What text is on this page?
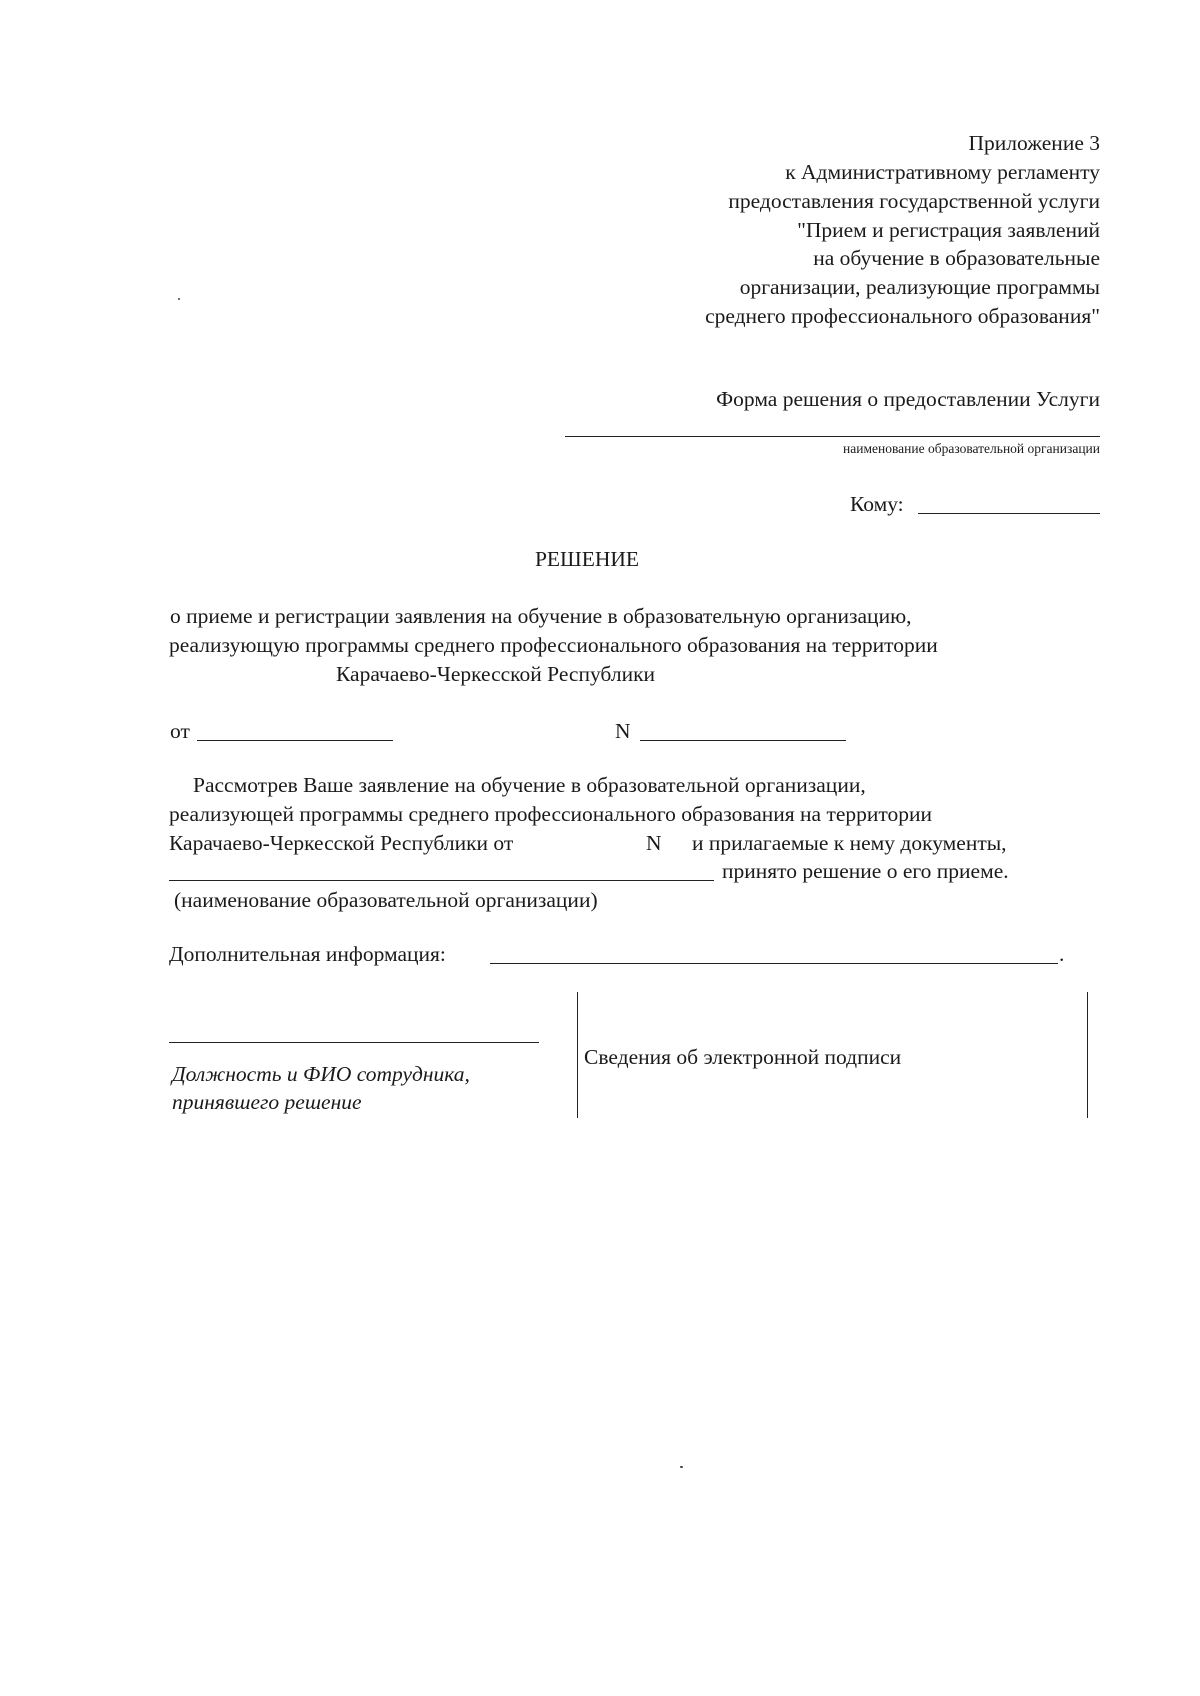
Приложение 3
к Административному регламенту
предоставления государственной услуги
"Прием и регистрация заявлений
на обучение в образовательные
организации, реализующие программы
среднего профессионального образования"
Форма решения о предоставлении Услуги
наименование образовательной организации
Кому:
РЕШЕНИЕ
о приеме и регистрации заявления на обучение в образовательную организацию,
реализующую программы среднего профессионального образования на территории
Карачаево-Черкесской Республики
от	N
Рассмотрев Ваше заявление на обучение в образовательной организации,
реализующей программы среднего профессионального образования на территории
Карачаево-Черкесской Республики от	N и прилагаемые к нему документы,
принято решение о его приеме.
(наименование образовательной организации)
Дополнительная информация:	.
Должность и ФИО сотрудника,
принявшего решение
Сведения об электронной подписи
